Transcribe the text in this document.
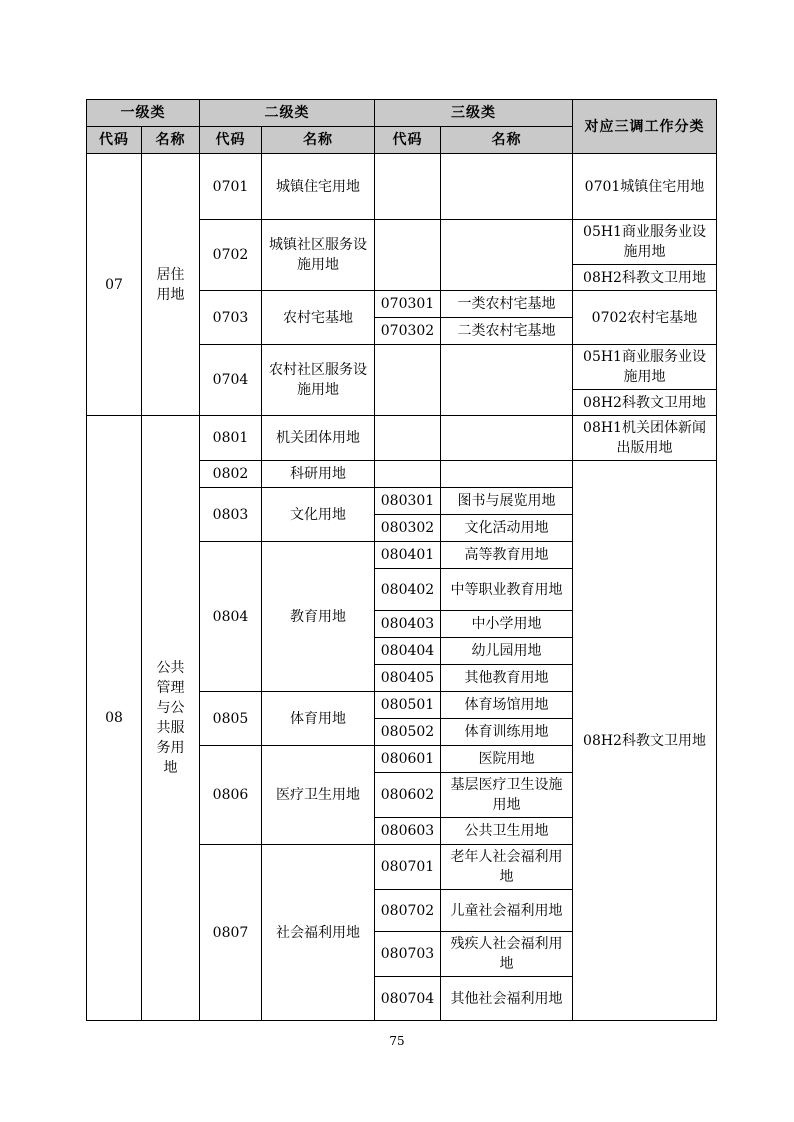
一级类		二级类		三级类		对应三调工作分类
代码	名称	代码	名称	代码	名称	
07	居住用地	0701	城镇住宅用地			0701城镇住宅用地
		0702	城镇社区服务设施用地			05H1商业服务业设施用地
						08H2科教文卫用地
		0703	农村宅基地	070301	一类农村宅基地	0702农村宅基地
				070302	二类农村宅基地	
		0704	农村社区服务设施用地			05H1商业服务业设施用地
						08H2科教文卫用地

08	公共管理与公共服务用地	0801	机关团体用地			08H1机关团体新闻出版用地
		0802	科研用地			08H2科教文卫用地
		0803	文化用地	080301	图书与展览用地	
				080302	文化活动用地	
		0804	教育用地	080401	高等教育用地	
				080402	中等职业教育用地	
				080403	中小学用地	
				080404	幼儿园用地	
				080405	其他教育用地	
		0805	体育用地	080501	体育场馆用地	
				080502	体育训练用地	
		0806	医疗卫生用地	080601	医院用地	
				080602	基层医疗卫生设施用地	
				080603	公共卫生用地	
		0807	社会福利用地	080701	老年人社会福利用地	
				080702	儿童社会福利用地	
				080703	残疾人社会福利用地	
				080704	其他社会福利用地	
75
